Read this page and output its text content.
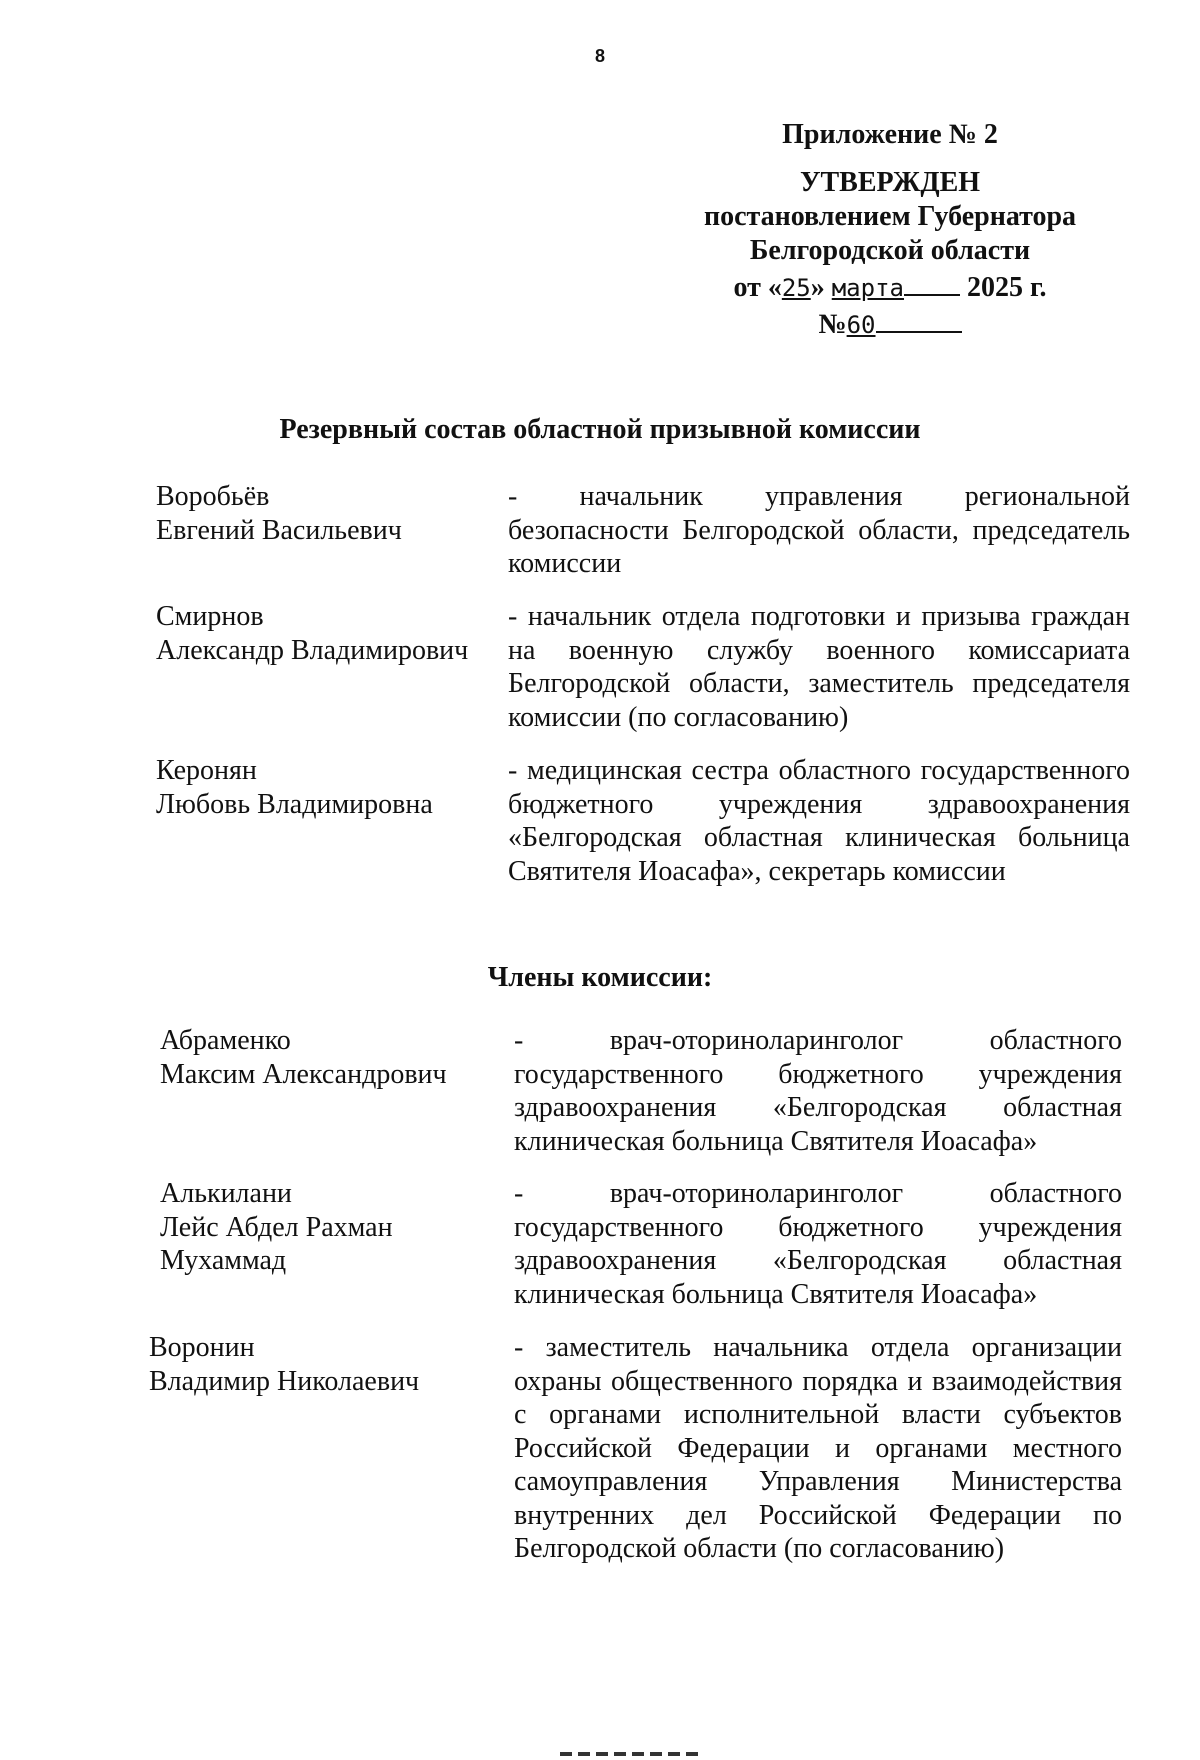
8
Приложение № 2
УТВЕРЖДЕН
постановлением Губернатора
Белгородской области
от «25» марта 2025 г.
№60
Резервный состав областной призывной комиссии
Воробьёв
Евгений Васильевич
- начальник управления региональной безопасности Белгородской области, председатель комиссии
Смирнов
Александр Владимирович
- начальник отдела подготовки и призыва граждан на военную службу военного комиссариата Белгородской области, заместитель председателя комиссии (по согласованию)
Керонян
Любовь Владимировна
- медицинская сестра областного государственного бюджетного учреждения здравоохранения «Белгородская областная клиническая больница Святителя Иоасафа», секретарь комиссии
Члены комиссии:
Абраменко
Максим Александрович
- врач-оториноларинголог областного государственного бюджетного учреждения здравоохранения «Белгородская областная клиническая больница Святителя Иоасафа»
Алькилани
Лейс Абдел Рахман
Мухаммад
- врач-оториноларинголог областного государственного бюджетного учреждения здравоохранения «Белгородская областная клиническая больница Святителя Иоасафа»
Воронин
Владимир Николаевич
- заместитель начальника отдела организации охраны общественного порядка и взаимодействия с органами исполнительной власти субъектов Российской Федерации и органами местного самоуправления Управления Министерства внутренних дел Российской Федерации по Белгородской области (по согласованию)
